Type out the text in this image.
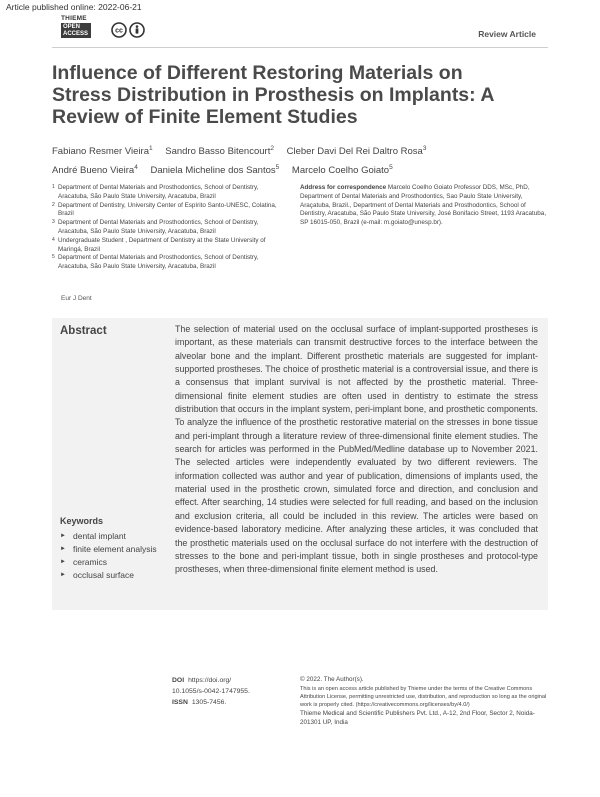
Article published online: 2022-06-21
THIEME
OPEN
ACCESS	cc	Review Article
Influence of Different Restoring Materials on Stress Distribution in Prosthesis on Implants: A Review of Finite Element Studies
Fabiano Resmer Vieira$^1$ Sandro Basso Bitencourt$^2$ Cleber Davi Del Rei Daltro Rosa$^3$
André Bueno Vieira$^4$ Daniela Micheline dos Santos$^5$ Marcelo Coelho Goiato$^5$
1 Department of Dental Materials and Prosthodontics, School of Dentistry, Aracatuba, São Paulo State University, Aracatuba, Brazil
2 Department of Dentistry, University Center of Espírito Santo-UNESC, Colatina, Brazil
3 Department of Dental Materials and Prosthodontics, School of Dentistry, Aracatuba, São Paulo State University, Aracatuba, Brazil
4 Undergraduate Student , Department of Dentistry at the State University of Maringá, Brazil
5 Department of Dental Materials and Prosthodontics, School of Dentistry, Aracatuba, São Paulo State University, Aracatuba, Brazil
Address for correspondence Marcelo Coelho Goiato Professor DDS, MSc, PhD, Department of Dental Materials and Prosthodontics, Sao Paulo State University, Araçatuba, Brazil., Department of Dental Materials and Prosthodontics, School of Dentistry, Aracatuba, São Paulo State University, José Bonifacio Street, 1193 Aracatuba, SP 16015-050, Brazil (e-mail: m.goiato@unesp.br).
Eur J Dent
Abstract	The selection of material used on the occlusal surface of implant-supported prostheses is important, as these materials can transmit destructive forces to the interface between the alveolar bone and the implant. Different prosthetic materials are suggested for implant-supported prostheses. The choice of prosthetic material is a controversial issue, and there is a consensus that implant survival is not affected by the prosthetic material. Three-dimensional finite element studies are often used in dentistry to estimate the stress distribution that occurs in the implant system, peri-implant bone, and prosthetic components. To analyze the influence of the prosthetic restorative material on the stresses in bone tissue and peri-implant through a literature review of three-dimensional finite element studies. The search for articles was performed in the PubMed/Medline database up to November 2021. The selected articles were independently evaluated by two different reviewers. The information collected was author and year of publication, dimensions of implants used, the material used in the prosthetic crown, simulated force and direction, and conclusion and effect. After searching, 14 studies were selected for full reading, and based on the inclusion and exclusion criteria, all could be included in this review. The articles were based on evidence-based laboratory medicine. After analyzing these articles, it was concluded that the prosthetic materials used on the occlusal surface do not interfere with the destruction of stresses to the bone and peri-implant tissue, both in single prostheses and protocol-type prostheses, when three-dimensional finite element method is used.

Keywords
► dental implant
► finite element analysis
► ceramics
► occlusal surface
DOI https://doi.org/
10.1055/s-0042-1747955.
ISSN 1305-7456.
© 2022. The Author(s).
This is an open access article published by Thieme under the terms of the Creative Commons Attribution License, permitting unrestricted use, distribution, and reproduction so long as the original work is properly cited. (https://creativecommons.org/licenses/by/4.0/)
Thieme Medical and Scientific Publishers Pvt. Ltd., A-12, 2nd Floor, Sector 2, Noida-201301 UP, India
